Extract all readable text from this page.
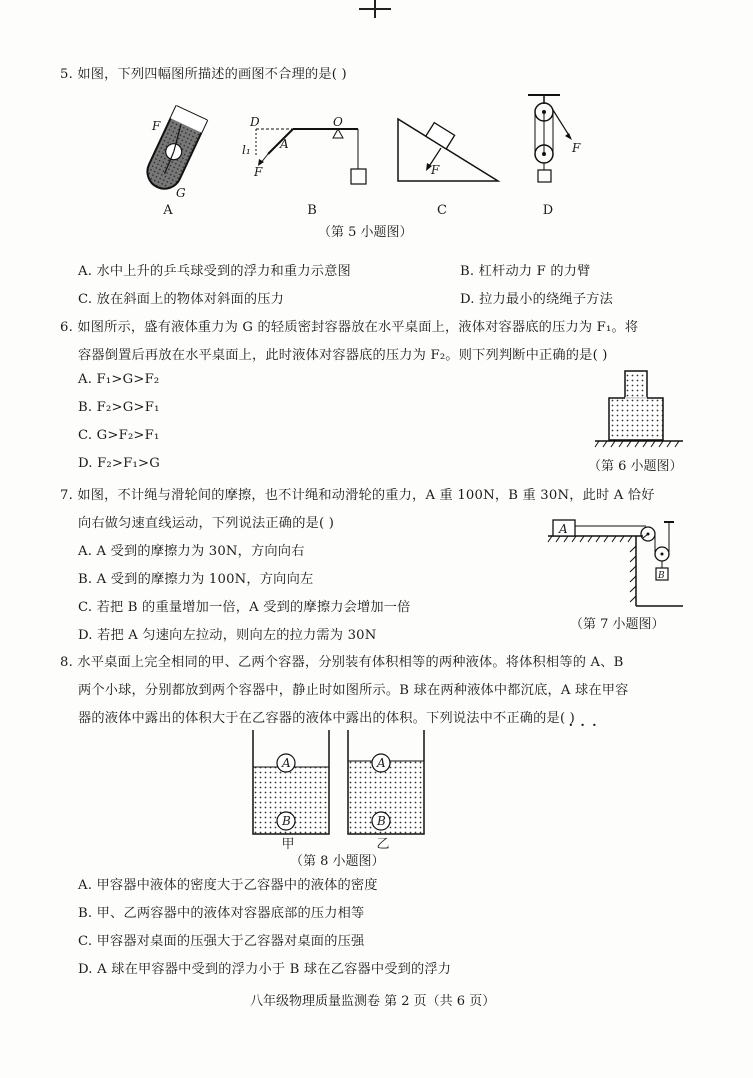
5. 如图，下列四幅图所描述的画图不合理的是( )
F
G
A
D	O
A
l₁
F
B
F
C
F
D
（第 5 小题图）
A. 水中上升的乒乓球受到的浮力和重力示意图	B. 杠杆动力 F 的力臂
C. 放在斜面上的物体对斜面的压力	D. 拉力最小的绕绳子方法
6. 如图所示，盛有液体重力为 G 的轻质密封容器放在水平桌面上，液体对容器底的压力为 F₁。将
容器倒置后再放在水平桌面上，此时液体对容器底的压力为 F₂。则下列判断中正确的是( )
A. F₁>G>F₂
B. F₂>G>F₁
C. G>F₂>F₁
D. F₂>F₁>G	（第 6 小题图）
7. 如图，不计绳与滑轮间的摩擦，也不计绳和动滑轮的重力，A 重 100N，B 重 30N，此时 A 恰好
向右做匀速直线运动，下列说法正确的是( )
A. A 受到的摩擦力为 30N，方向向右
B. A 受到的摩擦力为 100N，方向向左
C. 若把 B 的重量增加一倍，A 受到的摩擦力会增加一倍
D. 若把 A 匀速向左拉动，则向左的拉力需为 30N
A
B
（第 7 小题图）
8. 水平桌面上完全相同的甲、乙两个容器，分别装有体积相等的两种液体。将体积相等的 A、B
两个小球，分别都放到两个容器中，静止时如图所示。B 球在两种液体中都沉底，A 球在甲容
器的液体中露出的体积大于在乙容器的液体中露出的体积。下列说法中不正确的是( )
···
A
B
A
B
甲	乙
（第 8 小题图）
A. 甲容器中液体的密度大于乙容器中的液体的密度
B. 甲、乙两容器中的液体对容器底部的压力相等
C. 甲容器对桌面的压强大于乙容器对桌面的压强
D. A 球在甲容器中受到的浮力小于 B 球在乙容器中受到的浮力
八年级物理质量监测卷 第 2 页（共 6 页）
